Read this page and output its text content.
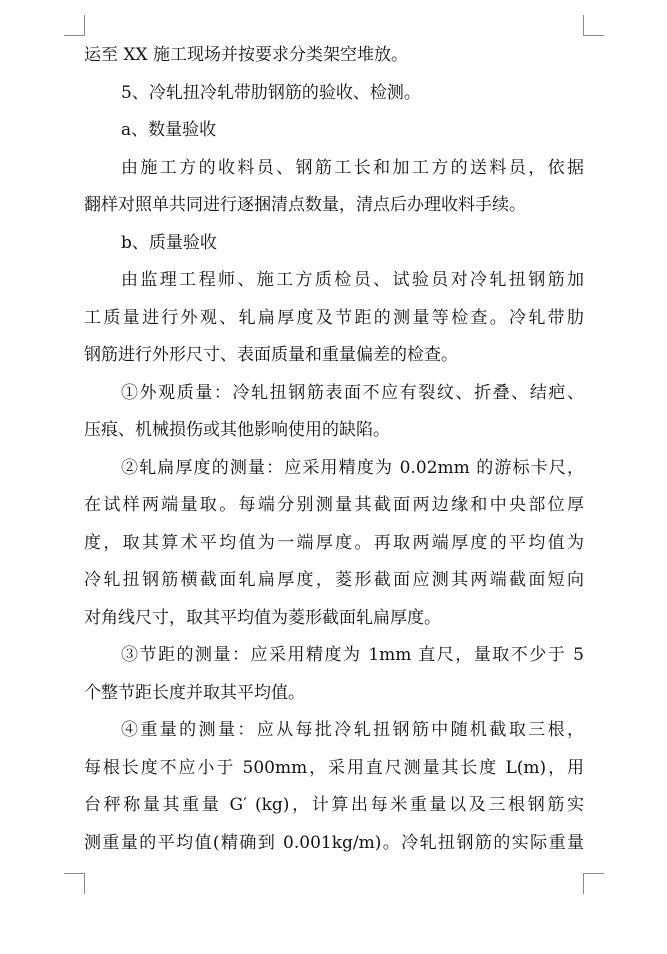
运至 XX 施工现场并按要求分类架空堆放。
5、冷轧扭冷轧带肋钢筋的验收、检测。
a、数量验收
由施工方的收料员、钢筋工长和加工方的送料员，依据
翻样对照单共同进行逐捆清点数量，清点后办理收料手续。
b、质量验收
由监理工程师、施工方质检员、试验员对冷轧扭钢筋加
工质量进行外观、轧扁厚度及节距的测量等检查。冷轧带肋
钢筋进行外形尺寸、表面质量和重量偏差的检查。
①外观质量：冷轧扭钢筋表面不应有裂纹、折叠、结疤、
压痕、机械损伤或其他影响使用的缺陷。
②轧扁厚度的测量：应采用精度为 0.02mm 的游标卡尺，
在试样两端量取。每端分别测量其截面两边缘和中央部位厚
度，取其算术平均值为一端厚度。再取两端厚度的平均值为
冷轧扭钢筋横截面轧扁厚度，菱形截面应测其两端截面短向
对角线尺寸，取其平均值为菱形截面轧扁厚度。
③节距的测量：应采用精度为 1mm 直尺，量取不少于 5
个整节距长度并取其平均值。
④重量的测量：应从每批冷轧扭钢筋中随机截取三根，
每根长度不应小于 500mm，采用直尺测量其长度 L(m)，用
台秤称量其重量 G′ (kg)，计算出每米重量以及三根钢筋实
测重量的平均值(精确到 0.001kg/m)。冷轧扭钢筋的实际重量
